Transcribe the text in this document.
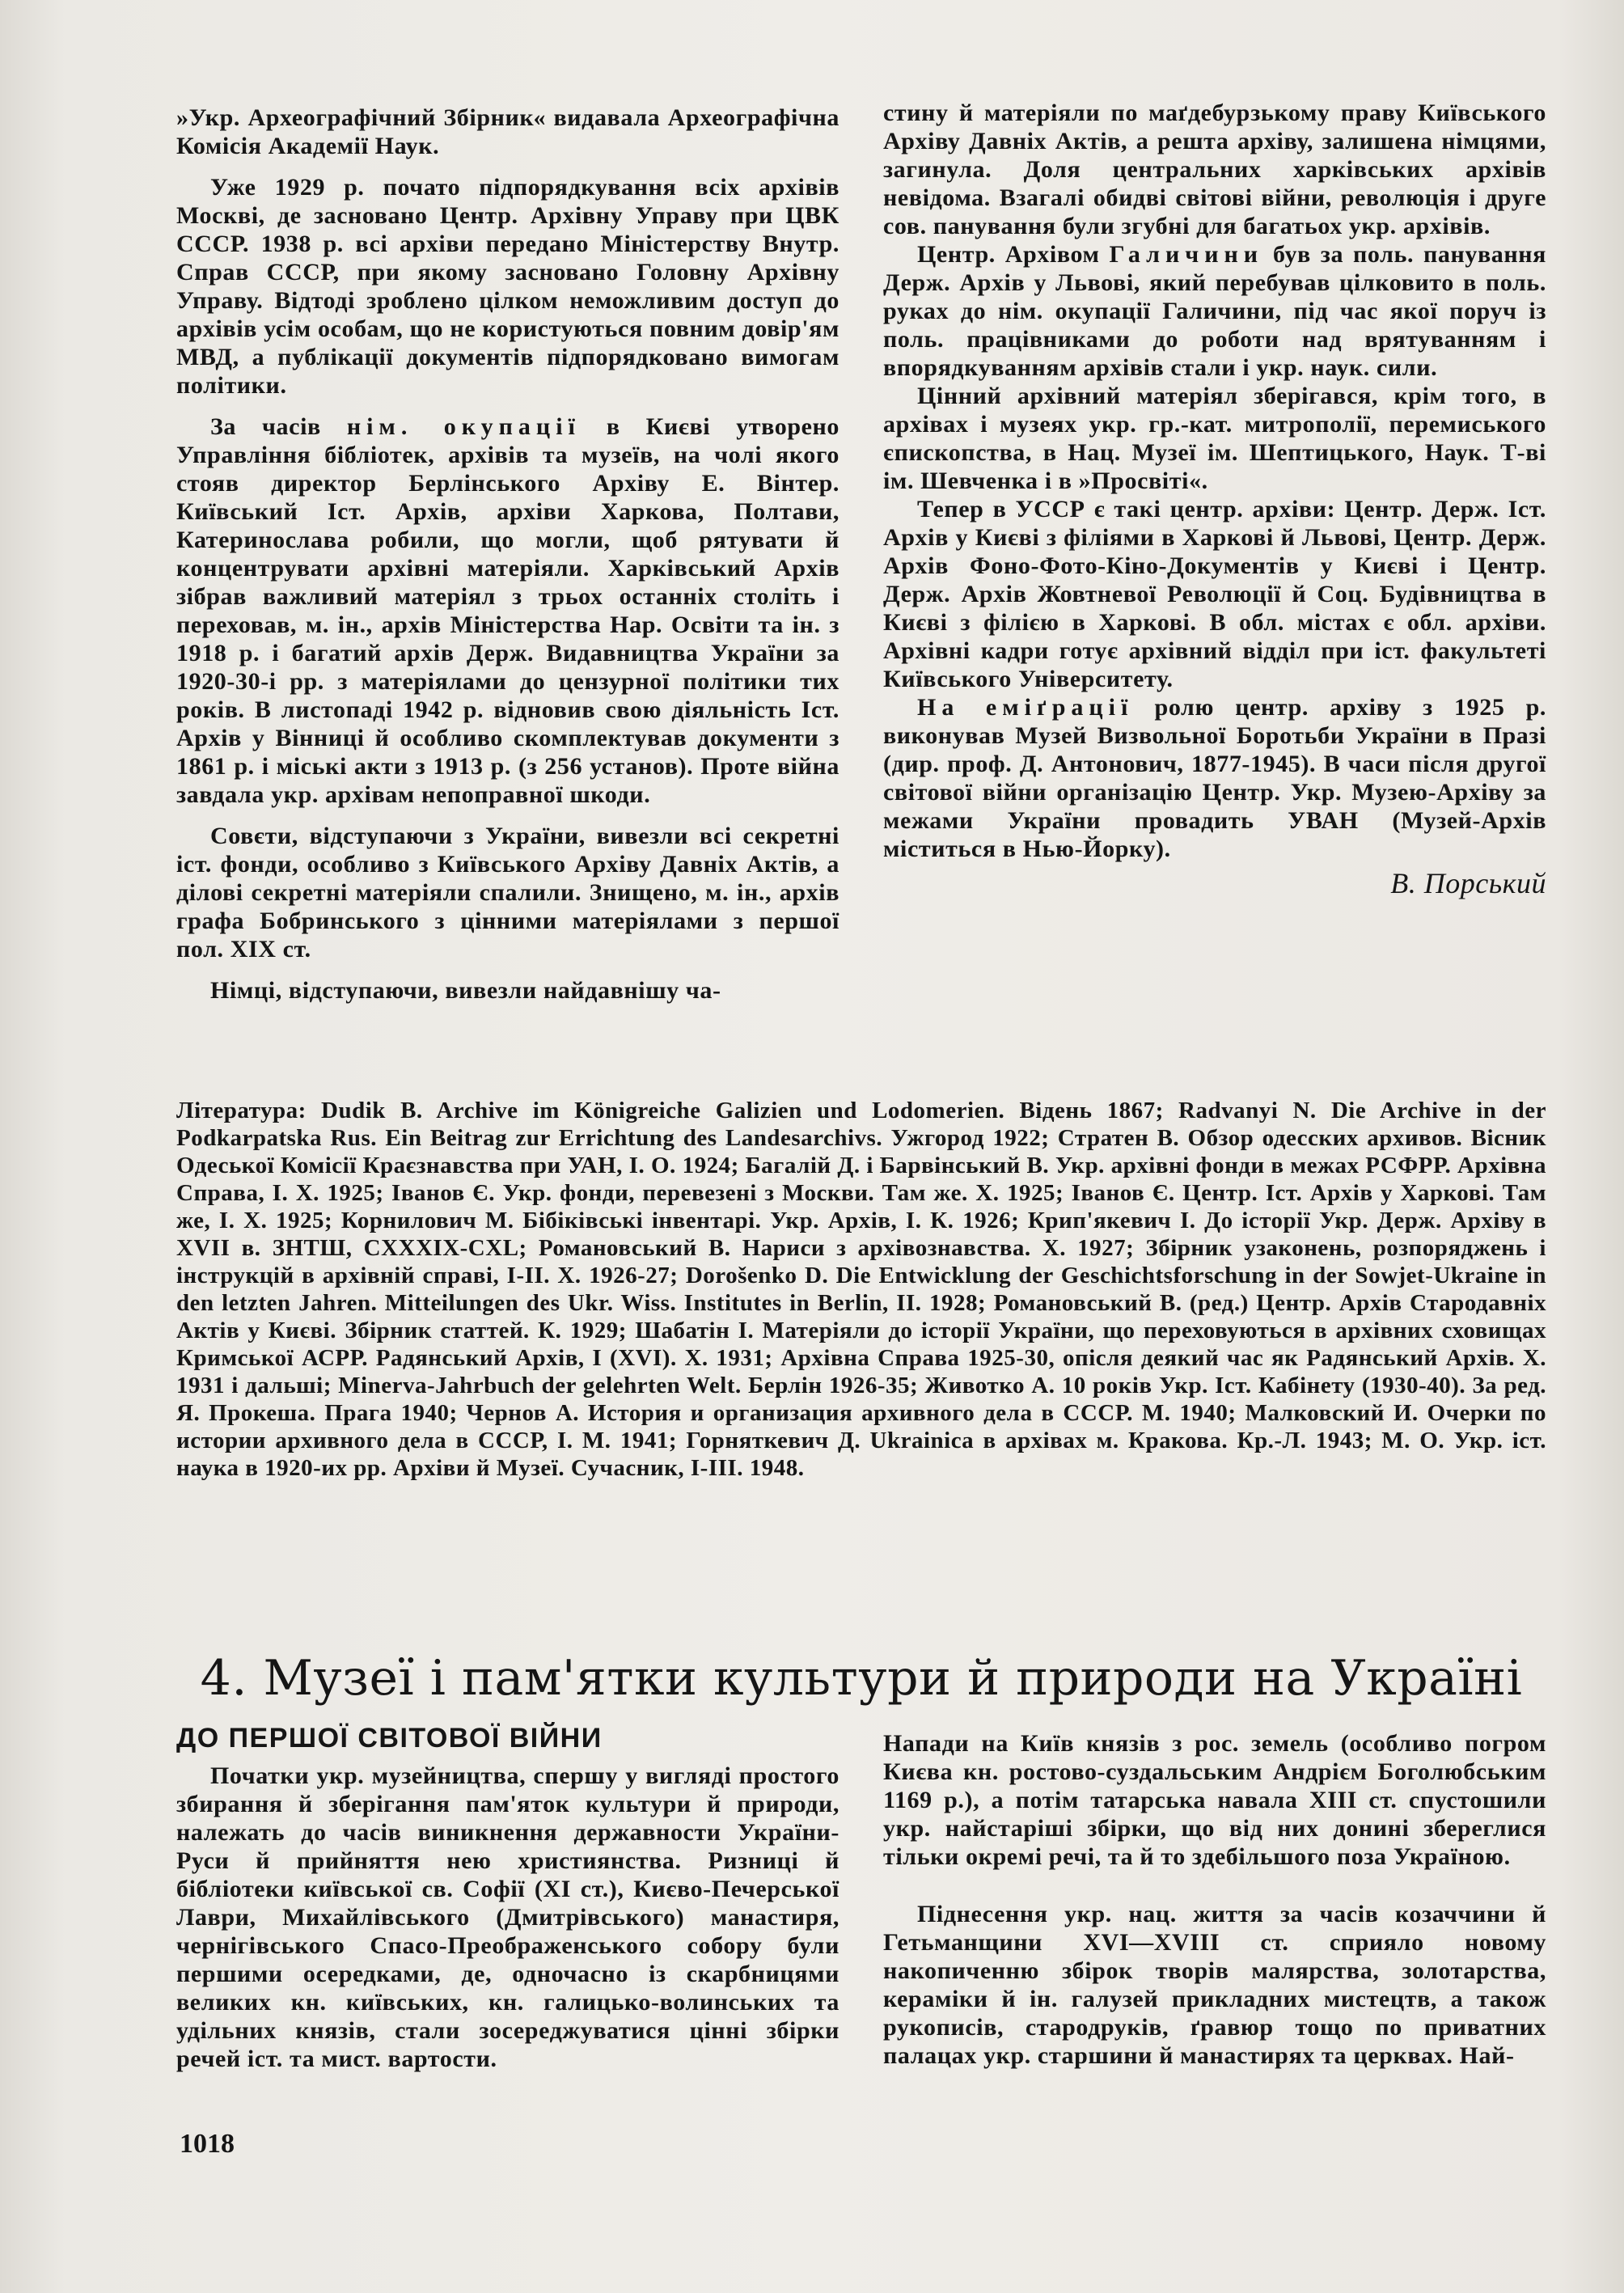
»Укр. Археографічний Збірник« видавала Археографічна Комісія Академії Наук.

Уже 1929 р. почато підпорядкування всіх архівів Москві, де засновано Центр. Архівну Управу при ЦВК СССР. 1938 р. всі архіви передано Міністерству Внутр. Справ СССР, при якому засновано Головну Архівну Управу. Відтоді зроблено цілком неможливим доступ до архівів усім особам, що не користуються повним довір'ям МВД, а публікації документів підпорядковано вимогам політики.

За часів нім. окупації в Києві утворено Управління бібліотек, архівів та музеїв, на чолі якого стояв директор Берлінського Архіву Е. Вінтер. Київський Іст. Архів, архіви Харкова, Полтави, Катеринослава робили, що могли, щоб рятувати й концентрувати архівні матеріяли. Харківський Архів зібрав важливий матеріял з трьох останніх століть і переховав, м. ін., архів Міністерства Нар. Освіти та ін. з 1918 р. і багатий архів Держ. Видавництва України за 1920-30-і рр. з матеріялами до цензурної політики тих років. В листопаді 1942 р. відновив свою діяльність Іст. Архів у Вінниці й особливо скомплектував документи з 1861 р. і міські акти з 1913 р. (з 256 установ). Проте війна завдала укр. архівам непоправної шкоди.

Совєти, відступаючи з України, вивезли всі секретні іст. фонди, особливо з Київського Архіву Давніх Актів, а ділові секретні матеріяли спалили. Знищено, м. ін., архів графа Бобринського з цінними матеріялами з першої пол. XIX ст.

Німці, відступаючи, вивезли найдавнішу ча-

стину й матеріяли по маґдебурзькому праву Київського Архіву Давніх Актів, а решта архіву, залишена німцями, загинула. Доля центральних харківських архівів невідома. Взагалі обидві світові війни, революція і друге сов. панування були згубні для багатьох укр. архівів.

Центр. Архівом Галичини був за поль. панування Держ. Архів у Львові, який перебував цілковито в поль. руках до нім. окупації Галичини, під час якої поруч із поль. працівниками до роботи над врятуванням і впорядкуванням архівів стали і укр. наук. сили.

Цінний архівний матеріял зберігався, крім того, в архівах і музеях укр. гр.-кат. митрополії, перемиського єпископства, в Нац. Музеї ім. Шептицького, Наук. Т-ві ім. Шевченка і в »Просвіті«.

Тепер в УССР є такі центр. архіви: Центр. Держ. Іст. Архів у Києві з філіями в Харкові й Львові, Центр. Держ. Архів Фоно-Фото-Кіно-Документів у Києві і Центр. Держ. Архів Жовтневої Революції й Соц. Будівництва в Києві з філією в Харкові. В обл. містах є обл. архіви. Архівні кадри готує архівний відділ при іст. факультеті Київського Університету.

На еміґрації ролю центр. архіву з 1925 р. виконував Музей Визвольної Боротьби України в Празі (дир. проф. Д. Антонович, 1877-1945). В часи після другої світової війни організацію Центр. Укр. Музею-Архіву за межами України провадить УВАН (Музей-Архів міститься в Нью-Йорку).

В. Порський
Література: Dudik B. Archive im Königreiche Galizien und Lodomerien. Відень 1867; Radvanyi N. Die Archive in der Podkarpatska Rus. Ein Beitrag zur Errichtung des Landesarchivs. Ужгород 1922; Стратен В. Обзор одесских архивов. Вісник Одеської Комісії Краєзнавства при УАН, I. О. 1924; Багалій Д. і Барвінський В. Укр. архівні фонди в межах РСФРР. Архівна Справа, I. Х. 1925; Іванов Є. Укр. фонди, перевезені з Москви. Там же. Х. 1925; Іванов Є. Центр. Іст. Архів у Харкові. Там же, I. Х. 1925; Корнилович М. Бібіківські інвентарі. Укр. Архів, I. К. 1926; Крип'якевич І. До історії Укр. Держ. Архіву в XVII в. ЗНТШ, CXXXIX-CXL; Романовський В. Нариси з архівознавства. Х. 1927; Збірник узаконень, розпоряджень і інструкцій в архівній справі, I-II. Х. 1926-27; Dorošenko D. Die Entwicklung der Geschichtsforschung in der Sowjet-Ukraine in den letzten Jahren. Mitteilungen des Ukr. Wiss. Institutes in Berlin, II. 1928; Романовський В. (ред.) Центр. Архів Стародавніх Актів у Києві. Збірник статтей. К. 1929; Шабатін І. Матеріяли до історії України, що переховуються в архівних сховищах Кримської АСРР. Радянський Архів, I (XVI). Х. 1931; Архівна Справа 1925-30, опісля деякий час як Радянський Архів. Х. 1931 і дальші; Minerva-Jahrbuch der gelehrten Welt. Берлін 1926-35; Животко А. 10 років Укр. Іст. Кабінету (1930-40). За ред. Я. Прокеша. Прага 1940; Чернов А. История и организация архивного дела в СССР. М. 1940; Малковский И. Очерки по истории архивного дела в СССР, I. М. 1941; Горняткевич Д. Ukrainica в архівах м. Кракова. Кр.-Л. 1943; М. О. Укр. іст. наука в 1920-их рр. Архіви й Музеї. Сучасник, I-III. 1948.
4. Музеї і пам'ятки культури й природи на Україні
ДО ПЕРШОЇ СВІТОВОЇ ВІЙНИ

Початки укр. музейництва, спершу у вигляді простого збирання й зберігання пам'яток культури й природи, належать до часів виникнення державности України-Руси й прийняття нею християнства. Ризниці й бібліотеки київської св. Софії (XI ст.), Києво-Печерської Лаври, Михайлівського (Дмитрівського) манастиря, чернігівського Спасо-Преображенського собору були першими осередками, де, одночасно із скарбницями великих кн. київських, кн. галицько-волинських та удільних князів, стали зосереджуватися цінні збірки речей іст. та мист. вартости.

Напади на Київ князів з рос. земель (особливо погром Києва кн. ростово-суздальським Андрієм Боголюбським 1169 р.), а потім татарська навала XIII ст. спустошили укр. найстаріші збірки, що від них донині збереглися тільки окремі речі, та й то здебільшого поза Україною.

Піднесення укр. нац. життя за часів козаччини й Гетьманщини XVI—XVIII ст. сприяло новому накопиченню збірок творів малярства, золотарства, кераміки й ін. галузей прикладних мистецтв, а також рукописів, стародруків, ґравюр тощо по приватних палацах укр. старшини й манастирях та церквах. Най-

1018
